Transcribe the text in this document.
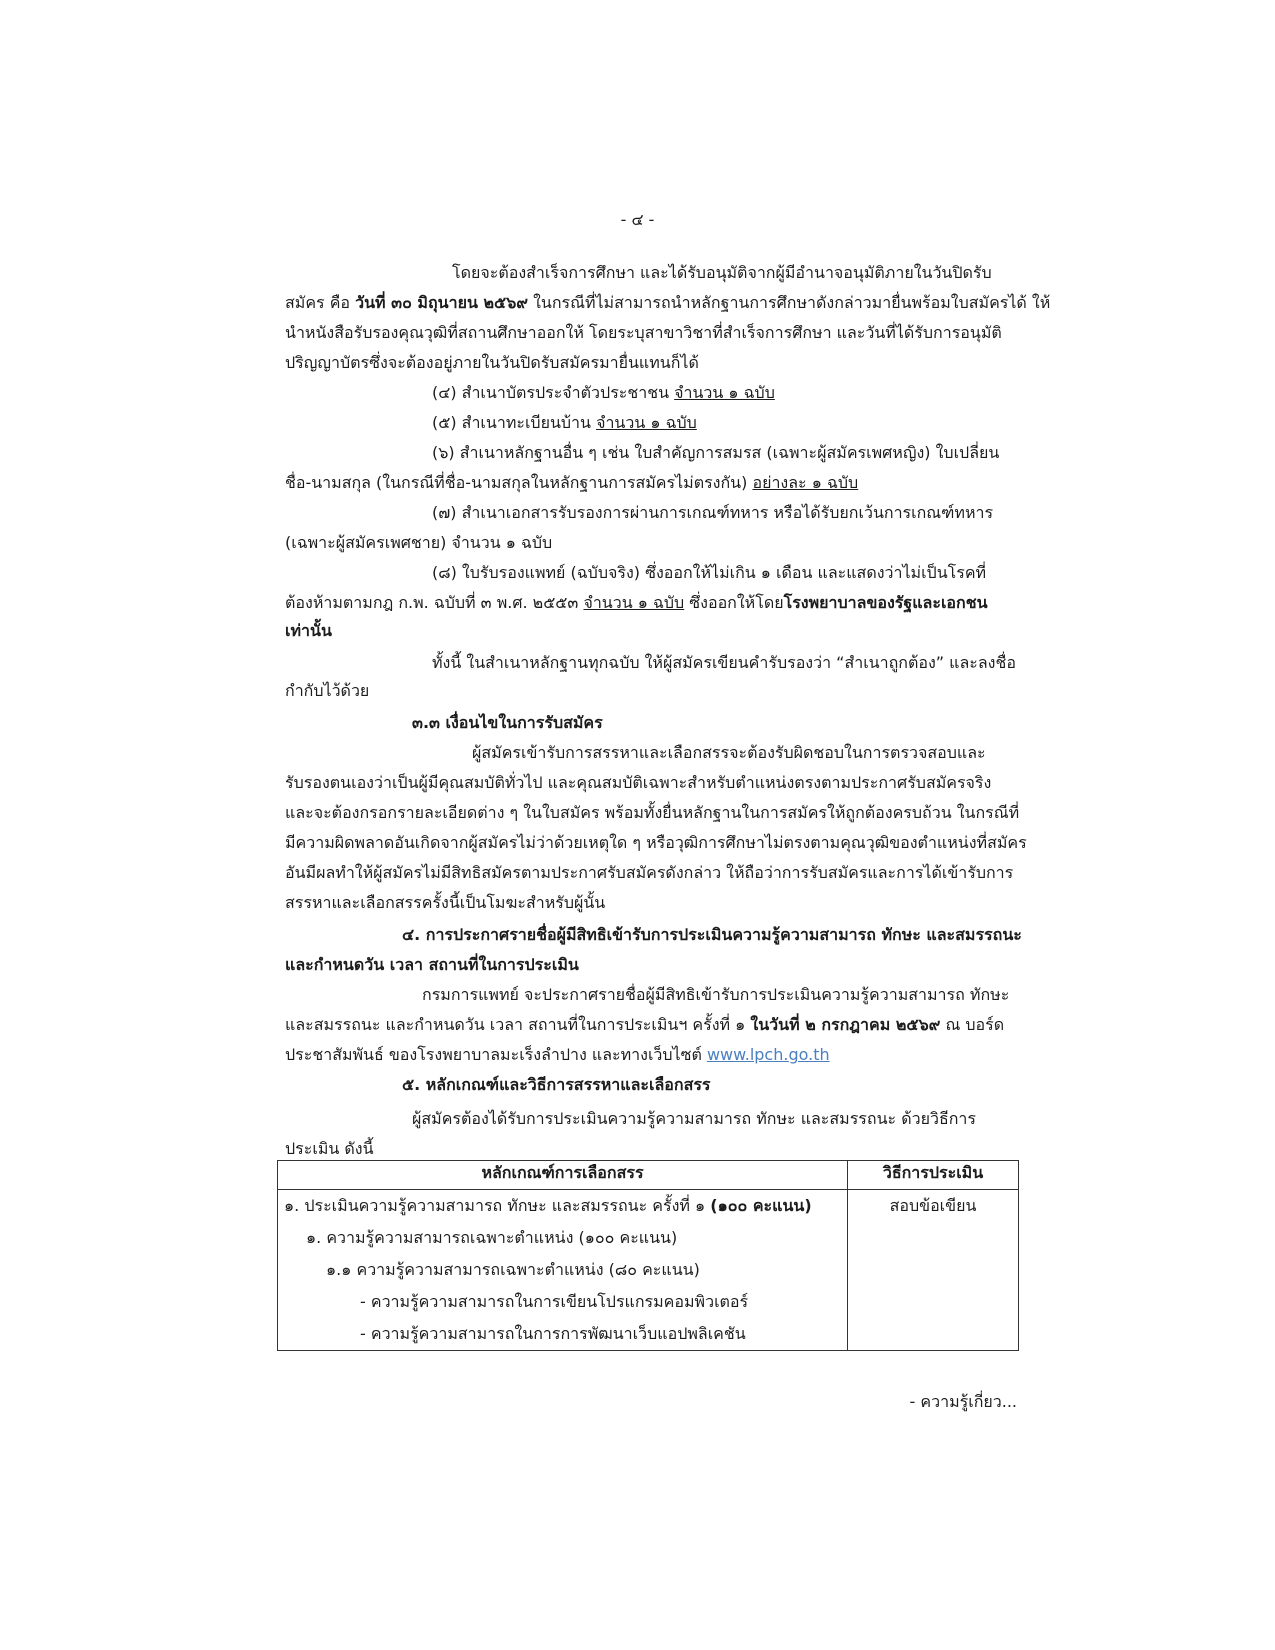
- ๔ -
โดยจะต้องสำเร็จการศึกษา และได้รับอนุมัติจากผู้มีอำนาจอนุมัติภายในวันปิดรับ
สมัคร คือ วันที่ ๓๐ มิถุนายน ๒๕๖๙ ในกรณีที่ไม่สามารถนำหลักฐานการศึกษาดังกล่าวมายื่นพร้อมใบสมัครได้ ให้
นำหนังสือรับรองคุณวุฒิที่สถานศึกษาออกให้ โดยระบุสาขาวิชาที่สำเร็จการศึกษา และวันที่ได้รับการอนุมัติ
ปริญญาบัตรซึ่งจะต้องอยู่ภายในวันปิดรับสมัครมายื่นแทนก็ได้
(๔) สำเนาบัตรประจำตัวประชาชน จำนวน ๑ ฉบับ
(๕) สำเนาทะเบียนบ้าน จำนวน ๑ ฉบับ
(๖) สำเนาหลักฐานอื่น ๆ เช่น ใบสำคัญการสมรส (เฉพาะผู้สมัครเพศหญิง) ใบเปลี่ยน
ชื่อ-นามสกุล (ในกรณีที่ชื่อ-นามสกุลในหลักฐานการสมัครไม่ตรงกัน) อย่างละ ๑ ฉบับ
(๗) สำเนาเอกสารรับรองการผ่านการเกณฑ์ทหาร หรือได้รับยกเว้นการเกณฑ์ทหาร
(เฉพาะผู้สมัครเพศชาย) จำนวน ๑ ฉบับ
(๘) ใบรับรองแพทย์ (ฉบับจริง) ซึ่งออกให้ไม่เกิน ๑ เดือน และแสดงว่าไม่เป็นโรคที่
ต้องห้ามตามกฎ ก.พ. ฉบับที่ ๓ พ.ศ. ๒๕๕๓ จำนวน ๑ ฉบับ ซึ่งออกให้โดยโรงพยาบาลของรัฐและเอกชน
เท่านั้น
ทั้งนี้ ในสำเนาหลักฐานทุกฉบับ ให้ผู้สมัครเขียนคำรับรองว่า “สำเนาถูกต้อง” และลงชื่อ
กำกับไว้ด้วย
๓.๓ เงื่อนไขในการรับสมัคร
ผู้สมัครเข้ารับการสรรหาและเลือกสรรจะต้องรับผิดชอบในการตรวจสอบและ
รับรองตนเองว่าเป็นผู้มีคุณสมบัติทั่วไป และคุณสมบัติเฉพาะสำหรับตำแหน่งตรงตามประกาศรับสมัครจริง
และจะต้องกรอกรายละเอียดต่าง ๆ ในใบสมัคร พร้อมทั้งยื่นหลักฐานในการสมัครให้ถูกต้องครบถ้วน ในกรณีที่
มีความผิดพลาดอันเกิดจากผู้สมัครไม่ว่าด้วยเหตุใด ๆ หรือวุฒิการศึกษาไม่ตรงตามคุณวุฒิของตำแหน่งที่สมัคร
อันมีผลทำให้ผู้สมัครไม่มีสิทธิสมัครตามประกาศรับสมัครดังกล่าว ให้ถือว่าการรับสมัครและการได้เข้ารับการ
สรรหาและเลือกสรรครั้งนี้เป็นโมฆะสำหรับผู้นั้น
๔. การประกาศรายชื่อผู้มีสิทธิเข้ารับการประเมินความรู้ความสามารถ ทักษะ และสมรรถนะ
และกำหนดวัน เวลา สถานที่ในการประเมิน
กรมการแพทย์ จะประกาศรายชื่อผู้มีสิทธิเข้ารับการประเมินความรู้ความสามารถ ทักษะ
และสมรรถนะ และกำหนดวัน เวลา สถานที่ในการประเมินฯ ครั้งที่ ๑ ในวันที่ ๒ กรกฎาคม ๒๕๖๙ ณ บอร์ด
ประชาสัมพันธ์ ของโรงพยาบาลมะเร็งลำปาง และทางเว็บไซต์ www.lpch.go.th
๕. หลักเกณฑ์และวิธีการสรรหาและเลือกสรร
ผู้สมัครต้องได้รับการประเมินความรู้ความสามารถ ทักษะ และสมรรถนะ ด้วยวิธีการ
ประเมิน ดังนี้
หลักเกณฑ์การเลือกสรร	วิธีการประเมิน

๑. ประเมินความรู้ความสามารถ ทักษะ และสมรรถนะ ครั้งที่ ๑ (๑๐๐ คะแนน)
๑. ความรู้ความสามารถเฉพาะตำแหน่ง (๑๐๐ คะแนน)
๑.๑ ความรู้ความสามารถเฉพาะตำแหน่ง (๘๐ คะแนน)
- ความรู้ความสามารถในการเขียนโปรแกรมคอมพิวเตอร์
- ความรู้ความสามารถในการการพัฒนาเว็บแอปพลิเคชัน	สอบข้อเขียน
- ความรู้เกี่ยว...
